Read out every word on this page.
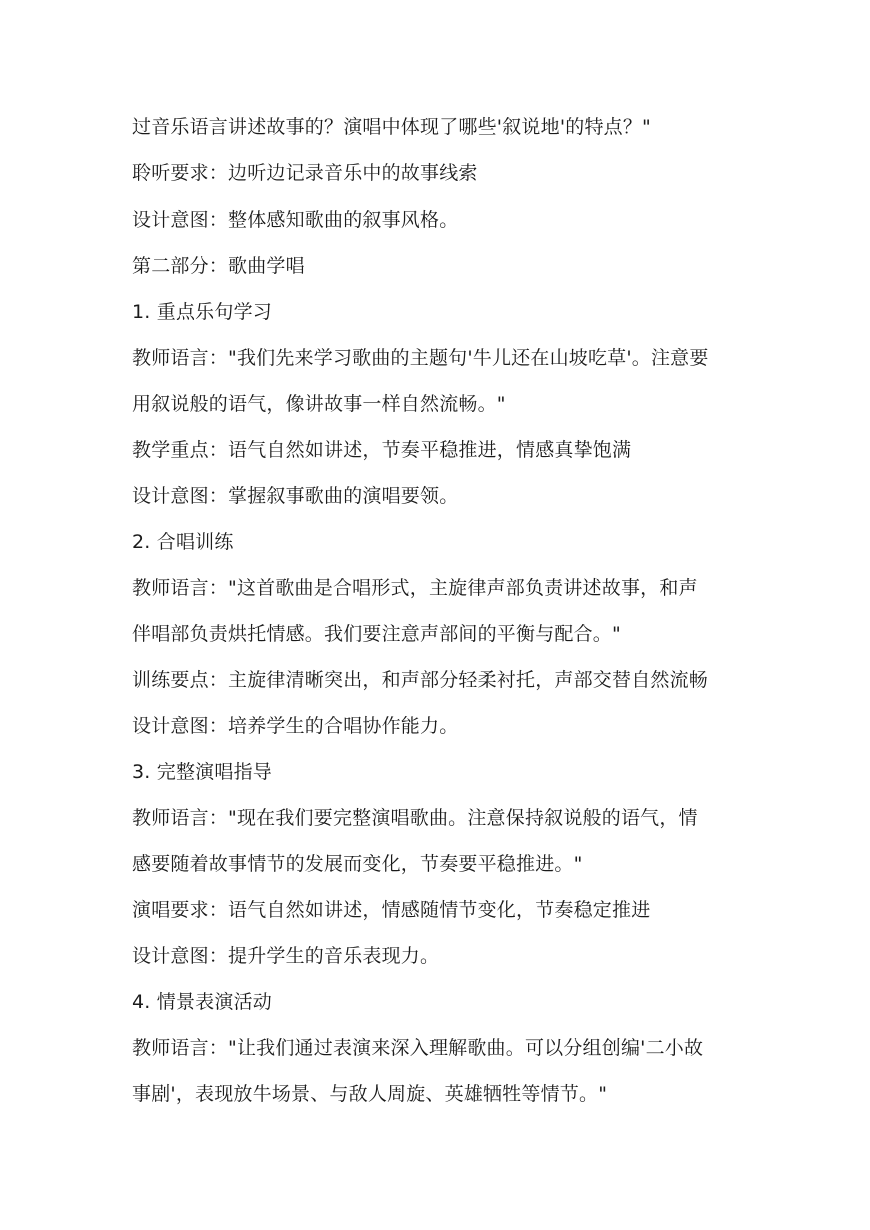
过音乐语言讲述故事的？演唱中体现了哪些'叙说地'的特点？"
聆听要求：边听边记录音乐中的故事线索
设计意图：整体感知歌曲的叙事风格。
第二部分：歌曲学唱
1. 重点乐句学习
教师语言："我们先来学习歌曲的主题句'牛儿还在山坡吃草'。注意要
用叙说般的语气，像讲故事一样自然流畅。"
教学重点：语气自然如讲述，节奏平稳推进，情感真挚饱满
设计意图：掌握叙事歌曲的演唱要领。
2. 合唱训练
教师语言："这首歌曲是合唱形式，主旋律声部负责讲述故事，和声
伴唱部负责烘托情感。我们要注意声部间的平衡与配合。"
训练要点：主旋律清晰突出，和声部分轻柔衬托，声部交替自然流畅
设计意图：培养学生的合唱协作能力。
3. 完整演唱指导
教师语言："现在我们要完整演唱歌曲。注意保持叙说般的语气，情
感要随着故事情节的发展而变化，节奏要平稳推进。"
演唱要求：语气自然如讲述，情感随情节变化，节奏稳定推进
设计意图：提升学生的音乐表现力。
4. 情景表演活动
教师语言："让我们通过表演来深入理解歌曲。可以分组创编'二小故
事剧'，表现放牛场景、与敌人周旋、英雄牺牲等情节。"
